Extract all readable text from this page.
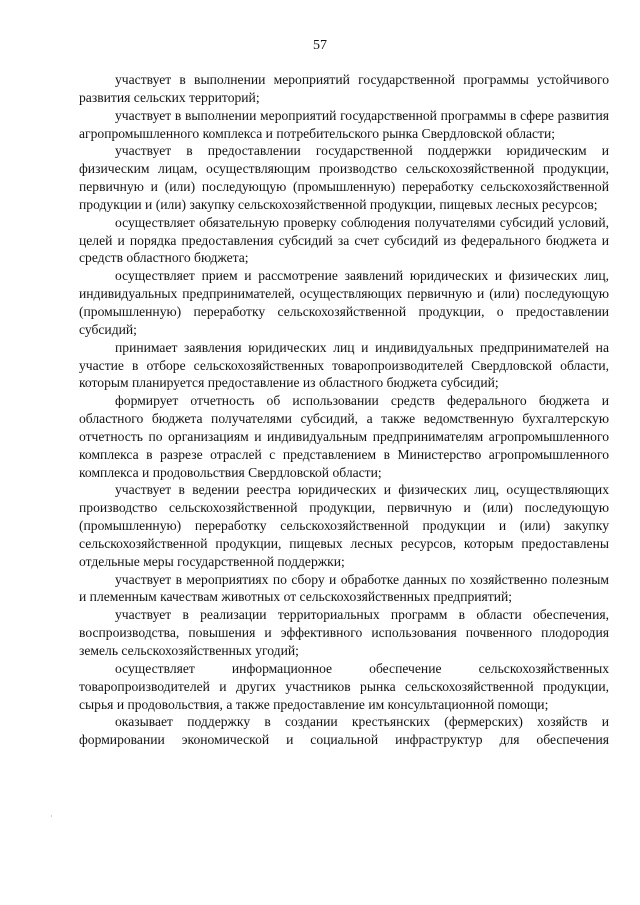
57

участвует в выполнении мероприятий государственной программы устойчивого развития сельских территорий;

участвует в выполнении мероприятий государственной программы в сфере развития агропромышленного комплекса и потребительского рынка Свердловской области;

участвует в предоставлении государственной поддержки юридическим и физическим лицам, осуществляющим производство сельскохозяйственной продукции, первичную и (или) последующую (промышленную) переработку сельскохозяйственной продукции и (или) закупку сельскохозяйственной продукции, пищевых лесных ресурсов;

осуществляет обязательную проверку соблюдения получателями субсидий условий, целей и порядка предоставления субсидий за счет субсидий из федерального бюджета и средств областного бюджета;

осуществляет прием и рассмотрение заявлений юридических и физических лиц, индивидуальных предпринимателей, осуществляющих первичную и (или) последующую (промышленную) переработку сельскохозяйственной продукции, о предоставлении субсидий;

принимает заявления юридических лиц и индивидуальных предпринимателей на участие в отборе сельскохозяйственных товаропроизводителей Свердловской области, которым планируется предоставление из областного бюджета субсидий;

формирует отчетность об использовании средств федерального бюджета и областного бюджета получателями субсидий, а также ведомственную бухгалтерскую отчетность по организациям и индивидуальным предпринимателям агропромышленного комплекса в разрезе отраслей с представлением в Министерство агропромышленного комплекса и продовольствия Свердловской области;

участвует в ведении реестра юридических и физических лиц, осуществляющих производство сельскохозяйственной продукции, первичную и (или) последующую (промышленную) переработку сельскохозяйственной продукции и (или) закупку сельскохозяйственной продукции, пищевых лесных ресурсов, которым предоставлены отдельные меры государственной поддержки;

участвует в мероприятиях по сбору и обработке данных по хозяйственно полезным и племенным качествам животных от сельскохозяйственных предприятий;

участвует в реализации территориальных программ в области обеспечения, воспроизводства, повышения и эффективного использования почвенного плодородия земель сельскохозяйственных угодий;

осуществляет информационное обеспечение сельскохозяйственных товаропроизводителей и других участников рынка сельскохозяйственной продукции, сырья и продовольствия, а также предоставление им консультационной помощи;

оказывает поддержку в создании крестьянских (фермерских) хозяйств и формировании экономической и социальной инфраструктур для обеспечения

·
